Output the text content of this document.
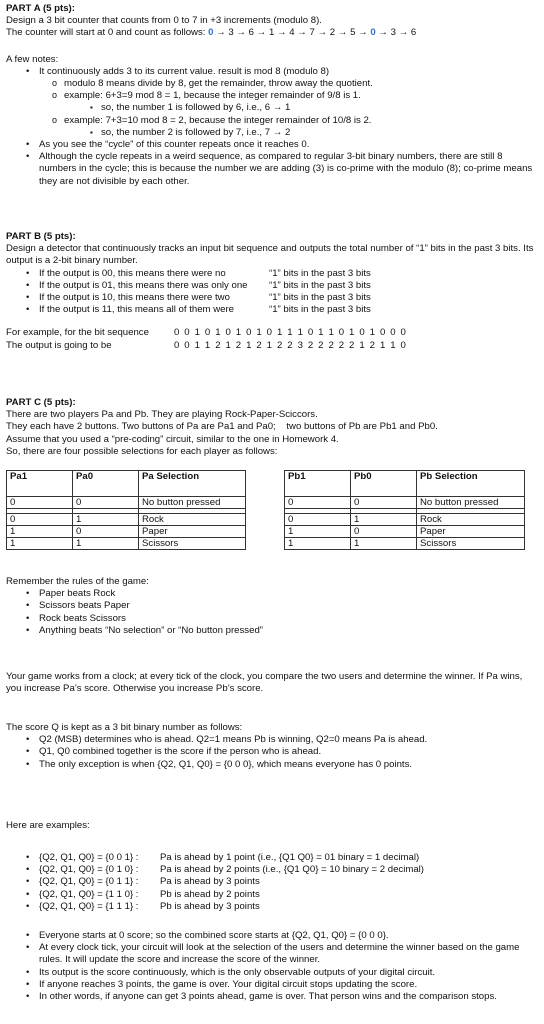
PART A (5 pts):
Design a 3 bit counter that counts from 0 to 7 in +3 increments (modulo 8).
The counter will start at 0 and count as follows: 0 → 3 → 6 → 1 → 4 → 7 → 2 → 5 → 0 → 3 → 6
A few notes:
• It continuously adds 3 to its current value. result is mod 8 (modulo 8)
o modulo 8 means divide by 8, get the remainder, throw away the quotient.
o example: 6+3=9 mod 8 = 1, because the integer remainder of 9/8 is 1.
▪ so, the number 1 is followed by 6, i.e., 6 → 1
o example: 7+3=10 mod 8 = 2, because the integer remainder of 10/8 is 2.
▪ so, the number 2 is followed by 7, i.e., 7 → 2
• As you see the “cycle” of this counter repeats once it reaches 0.
• Although the cycle repeats in a weird sequence, as compared to regular 3-bit binary numbers, there are still 8 numbers in the cycle; this is because the number we are adding (3) is co-prime with the modulo (8); co-prime means they are not divisible by each other.
PART B (5 pts):
Design a detector that continuously tracks an input bit sequence and outputs the total number of “1” bits in the past 3 bits. Its output is a 2-bit binary number.
• If the output is 00, this means there were no	“1” bits in the past 3 bits
• If the output is 01, this means there was only one “1” bits in the past 3 bits
• If the output is 10, this means there were two	“1” bits in the past 3 bits
• If the output is 11, this means all of them were	“1” bits in the past 3 bits
For example, for the bit sequence	0 0 1 0 1 0 1 0 1 0 1 1 1 0 1 1 0 1 0 1 0 0 0
The output is going to be	0 0 1 1 2 1 2 1 2 1 2 2 3 2 2 2 2 2 1 2 1 1 0
PART C (5 pts):
There are two players Pa and Pb. They are playing Rock-Paper-Sciccors.
They each have 2 buttons. Two buttons of Pa are Pa1 and Pa0;    two buttons of Pb are Pb1 and Pb0.
Assume that you used a “pre-coding” circuit, similar to the one in Homework 4.
So, there are four possible selections for each player as follows:
Pa1	Pa0	Pa Selection
0	0	No button pressed

0	1	Rock
1	0	Paper
1	1	Scissors
Pb1	Pb0	Pb Selection
0	0	No button pressed

0	1	Rock
1	0	Paper
1	1	Scissors
Remember the rules of the game:
• Paper beats Rock
• Scissors beats Paper
• Rock beats Scissors
• Anything beats “No selection” or “No button pressed”
Your game works from a clock; at every tick of the clock, you compare the two users and determine the winner. If Pa wins, you increase Pa’s score. Otherwise you increase Pb’s score.
The score Q is kept as a 3 bit binary number as follows:
• Q2 (MSB) determines who is ahead. Q2=1 means Pb is winning, Q2=0 means Pa is ahead.
• Q1, Q0 combined together is the score if the person who is ahead.
• The only exception is when {Q2, Q1, Q0} = {0 0 0}, which means everyone has 0 points.
Here are examples:
• {Q2, Q1, Q0} = {0 0 1} : Pa is ahead by 1 point (i.e., {Q1 Q0} = 01 binary = 1 decimal)
• {Q2, Q1, Q0} = {0 1 0} : Pa is ahead by 2 points (i.e., {Q1 Q0} = 10 binary = 2 decimal)
• {Q2, Q1, Q0} = {0 1 1} : Pa is ahead by 3 points
• {Q2, Q1, Q0} = {1 1 0} : Pb is ahead by 2 points
• {Q2, Q1, Q0} = {1 1 1} : Pb is ahead by 3 points
• Everyone starts at 0 score; so the combined score starts at {Q2, Q1, Q0} = {0 0 0}.
• At every clock tick, your circuit will look at the selection of the users and determine the winner based on the game rules. It will update the score and increase the score of the winner.
• Its output is the score continuously, which is the only observable outputs of your digital circuit.
• If anyone reaches 3 points, the game is over. Your digital circuit stops updating the score.
• In other words, if anyone can get 3 points ahead, game is over. That person wins and the comparison stops.
